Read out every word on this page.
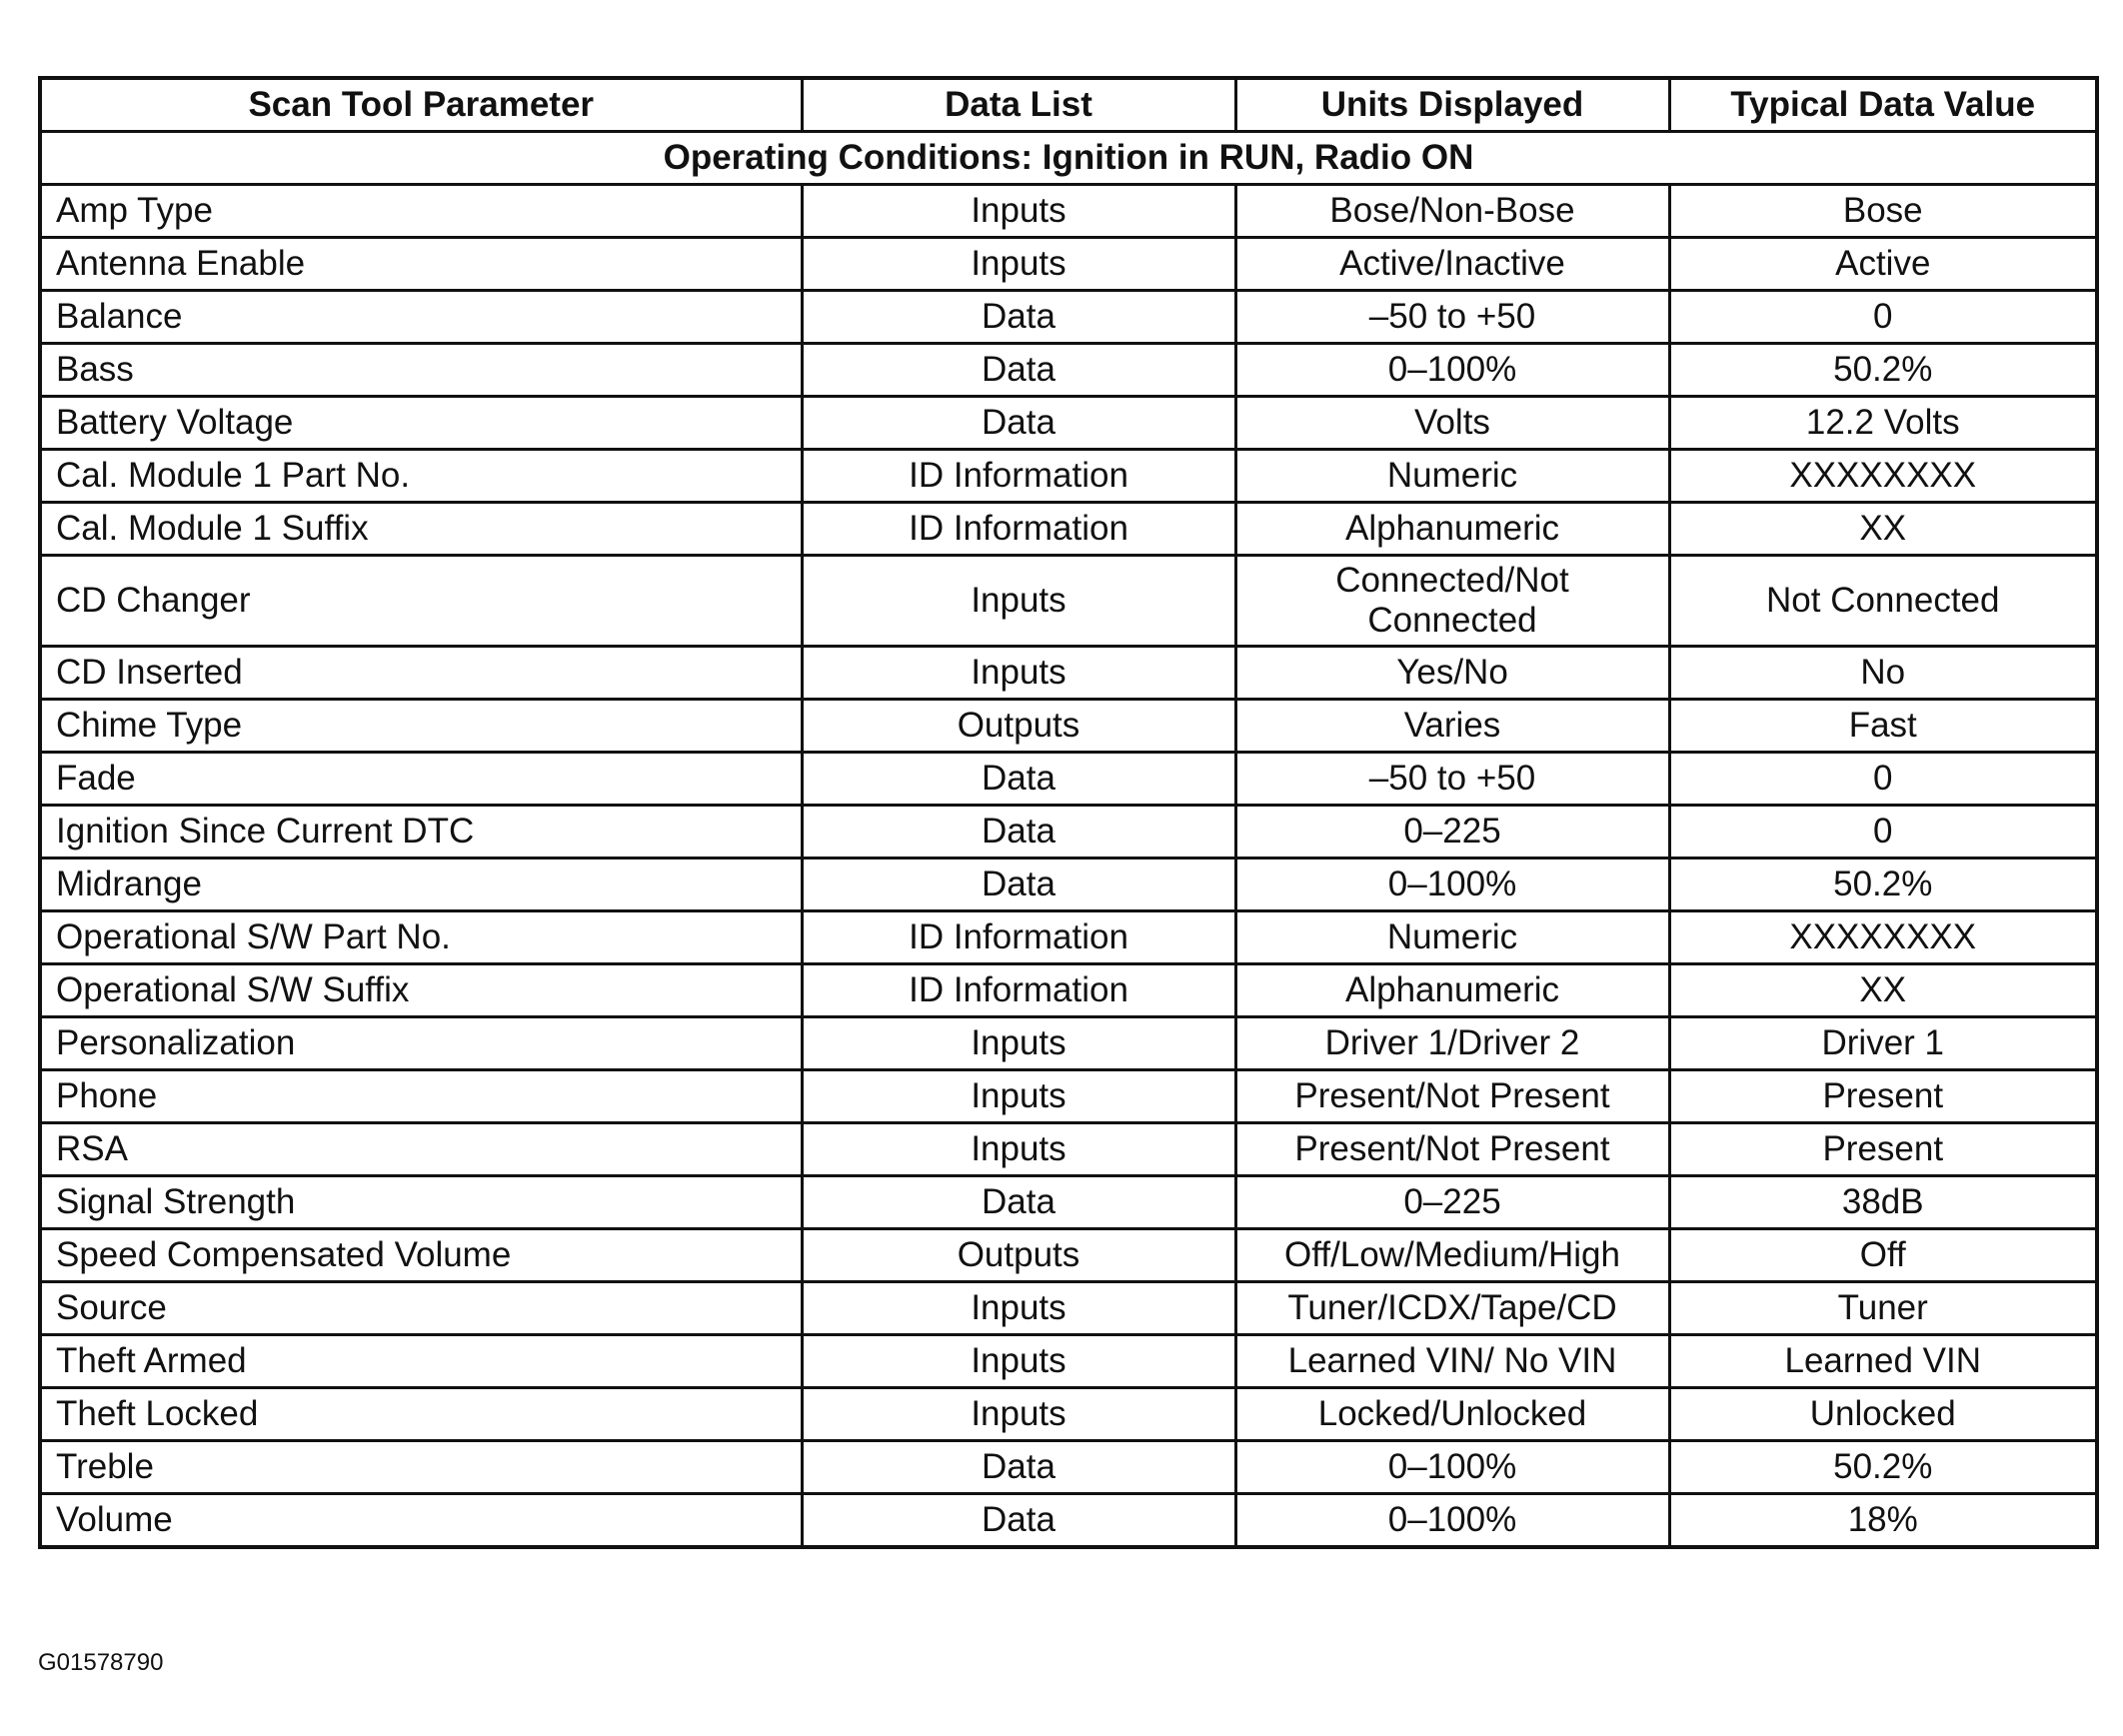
Scan Tool Parameter	Data List	Units Displayed	Typical Data Value
Operating Conditions: Ignition in RUN, Radio ON			
Amp Type	Inputs	Bose/Non-Bose	Bose
Antenna Enable	Inputs	Active/Inactive	Active
Balance	Data	–50 to +50	0
Bass	Data	0–100%	50.2%
Battery Voltage	Data	Volts	12.2 Volts
Cal. Module 1 Part No.	ID Information	Numeric	XXXXXXXX
Cal. Module 1 Suffix	ID Information	Alphanumeric	XX
CD Changer	Inputs	Connected/Not Connected	Not Connected
CD Inserted	Inputs	Yes/No	No
Chime Type	Outputs	Varies	Fast
Fade	Data	–50 to +50	0
Ignition Since Current DTC	Data	0–225	0
Midrange	Data	0–100%	50.2%
Operational S/W Part No.	ID Information	Numeric	XXXXXXXX
Operational S/W Suffix	ID Information	Alphanumeric	XX
Personalization	Inputs	Driver 1/Driver 2	Driver 1
Phone	Inputs	Present/Not Present	Present
RSA	Inputs	Present/Not Present	Present
Signal Strength	Data	0–225	38dB
Speed Compensated Volume	Outputs	Off/Low/Medium/High	Off
Source	Inputs	Tuner/ICDX/Tape/CD	Tuner
Theft Armed	Inputs	Learned VIN/ No VIN	Learned VIN
Theft Locked	Inputs	Locked/Unlocked	Unlocked
Treble	Data	0–100%	50.2%
Volume	Data	0–100%	18%
G01578790
